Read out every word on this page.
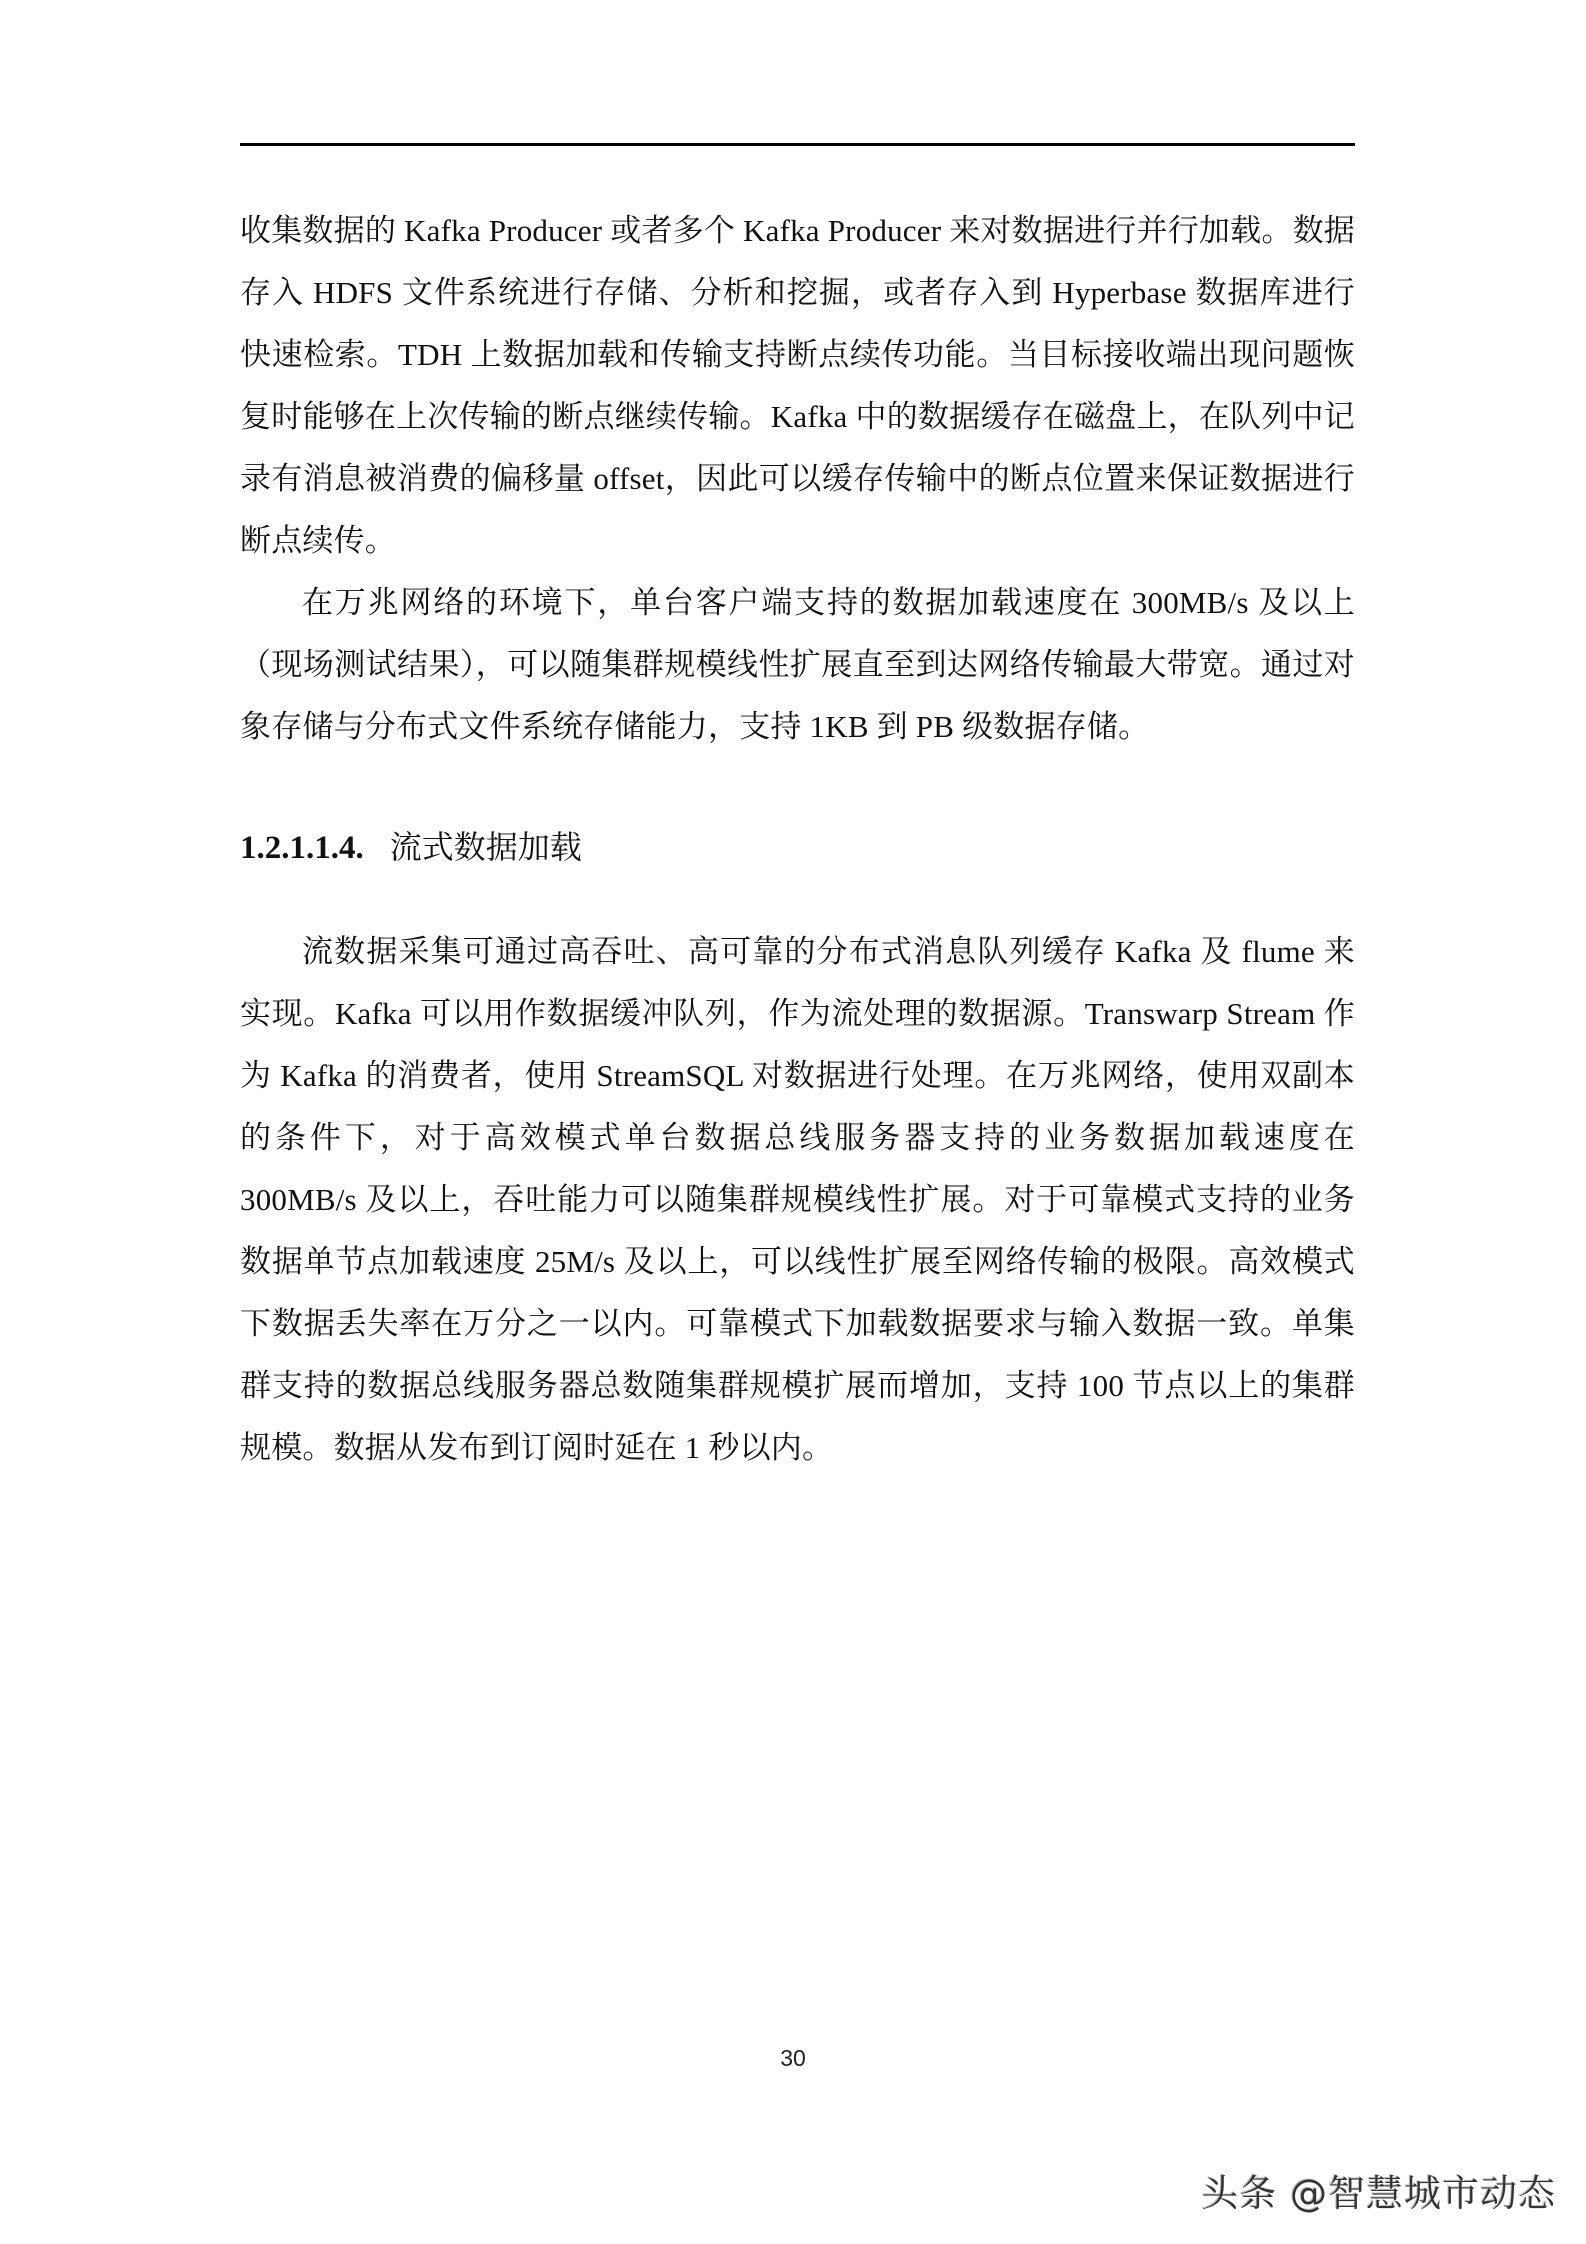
收集数据的 Kafka Producer 或者多个 Kafka Producer 来对数据进行并行加载。数据存入 HDFS 文件系统进行存储、分析和挖掘，或者存入到 Hyperbase 数据库进行快速检索。TDH 上数据加载和传输支持断点续传功能。当目标接收端出现问题恢复时能够在上次传输的断点继续传输。Kafka 中的数据缓存在磁盘上，在队列中记录有消息被消费的偏移量 offset，因此可以缓存传输中的断点位置来保证数据进行断点续传。

在万兆网络的环境下，单台客户端支持的数据加载速度在 300MB/s 及以上（现场测试结果），可以随集群规模线性扩展直至到达网络传输最大带宽。通过对象存储与分布式文件系统存储能力，支持 1KB 到 PB 级数据存储。

1.2.1.1.4. 流式数据加载

流数据采集可通过高吞吐、高可靠的分布式消息队列缓存 Kafka 及 flume 来实现。Kafka 可以用作数据缓冲队列，作为流处理的数据源。Transwarp Stream 作为 Kafka 的消费者，使用 StreamSQL 对数据进行处理。在万兆网络，使用双副本的条件下，对于高效模式单台数据总线服务器支持的业务数据加载速度在 300MB/s 及以上，吞吐能力可以随集群规模线性扩展。对于可靠模式支持的业务数据单节点加载速度 25M/s 及以上，可以线性扩展至网络传输的极限。高效模式下数据丢失率在万分之一以内。可靠模式下加载数据要求与输入数据一致。单集群支持的数据总线服务器总数随集群规模扩展而增加，支持 100 节点以上的集群规模。数据从发布到订阅时延在 1 秒以内。

30
头条 @智慧城市动态
